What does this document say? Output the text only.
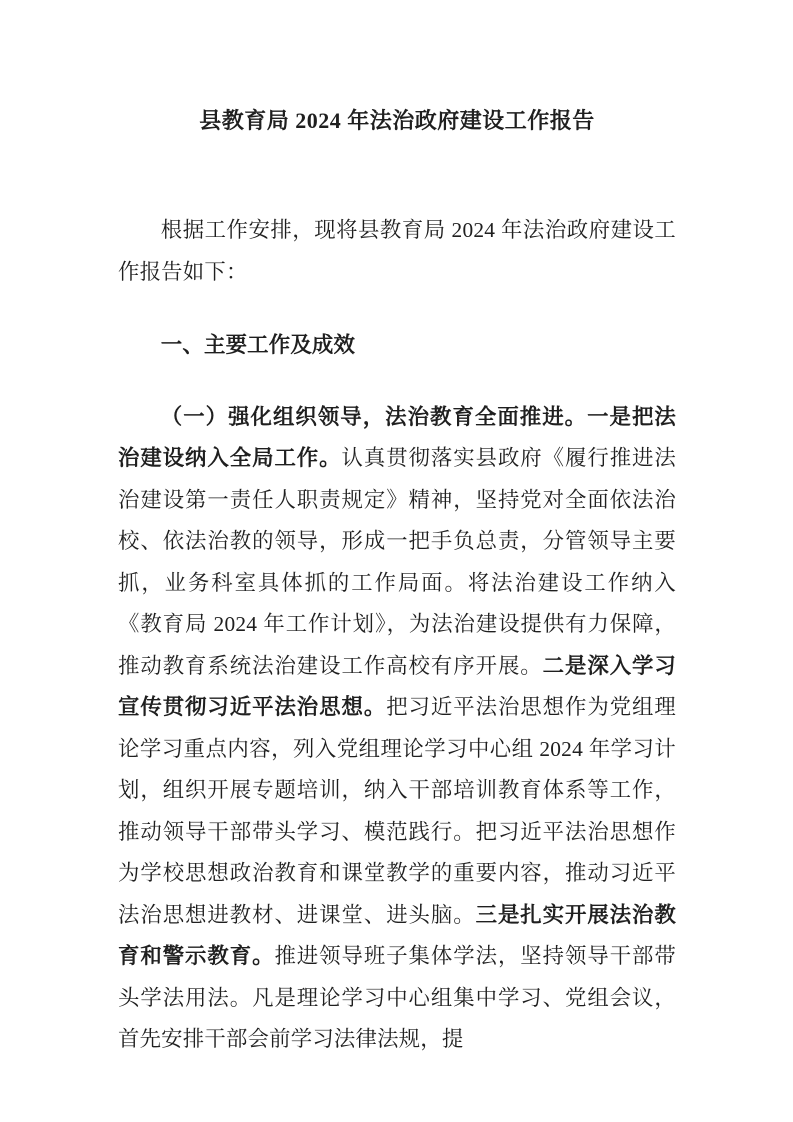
县教育局 2024 年法治政府建设工作报告

根据工作安排，现将县教育局 2024 年法治政府建设工作报告如下：

一、主要工作及成效

（一）强化组织领导，法治教育全面推进。一是把法治建设纳入全局工作。认真贯彻落实县政府《履行推进法治建设第一责任人职责规定》精神，坚持党对全面依法治校、依法治教的领导，形成一把手负总责，分管领导主要抓，业务科室具体抓的工作局面。将法治建设工作纳入《教育局 2024 年工作计划》，为法治建设提供有力保障，推动教育系统法治建设工作高校有序开展。二是深入学习宣传贯彻习近平法治思想。把习近平法治思想作为党组理论学习重点内容，列入党组理论学习中心组 2024 年学习计划，组织开展专题培训，纳入干部培训教育体系等工作，推动领导干部带头学习、模范践行。把习近平法治思想作为学校思想政治教育和课堂教学的重要内容，推动习近平法治思想进教材、进课堂、进头脑。三是扎实开展法治教育和警示教育。推进领导班子集体学法，坚持领导干部带头学法用法。凡是理论学习中心组集中学习、党组会议，首先安排干部会前学习法律法规，提
